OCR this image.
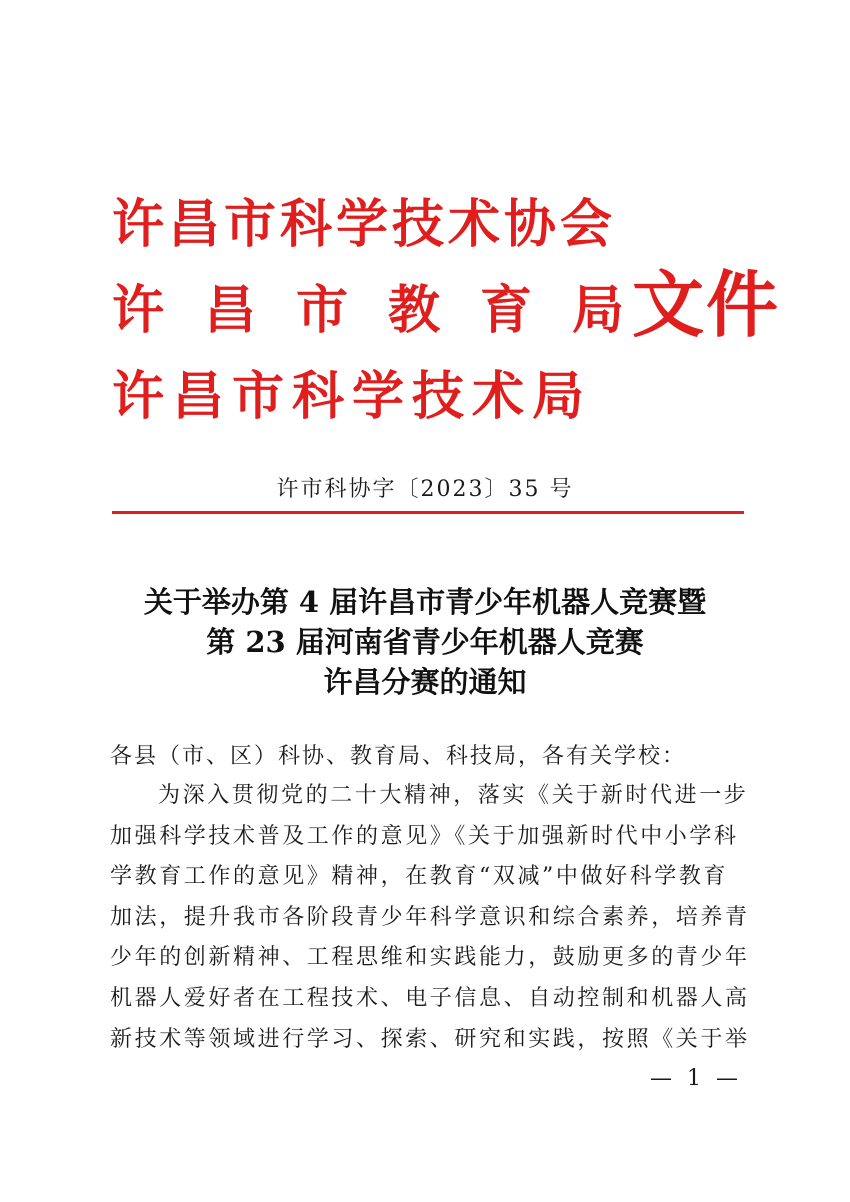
许昌市科学技术协会
许昌市教育局
许昌市科学技术局
文件
许市科协字〔2023〕35 号
关于举办第 4 届许昌市青少年机器人竞赛暨
第 23 届河南省青少年机器人竞赛
许昌分赛的通知
各县（市、区）科协、教育局、科技局，各有关学校：
为深入贯彻党的二十大精神，落实《关于新时代进一步
加强科学技术普及工作的意见》《关于加强新时代中小学科
学教育工作的意见》精神，在教育“双减”中做好科学教育
加法，提升我市各阶段青少年科学意识和综合素养，培养青
少年的创新精神、工程思维和实践能力，鼓励更多的青少年
机器人爱好者在工程技术、电子信息、自动控制和机器人高
新技术等领域进行学习、探索、研究和实践，按照《关于举
— 1 —
